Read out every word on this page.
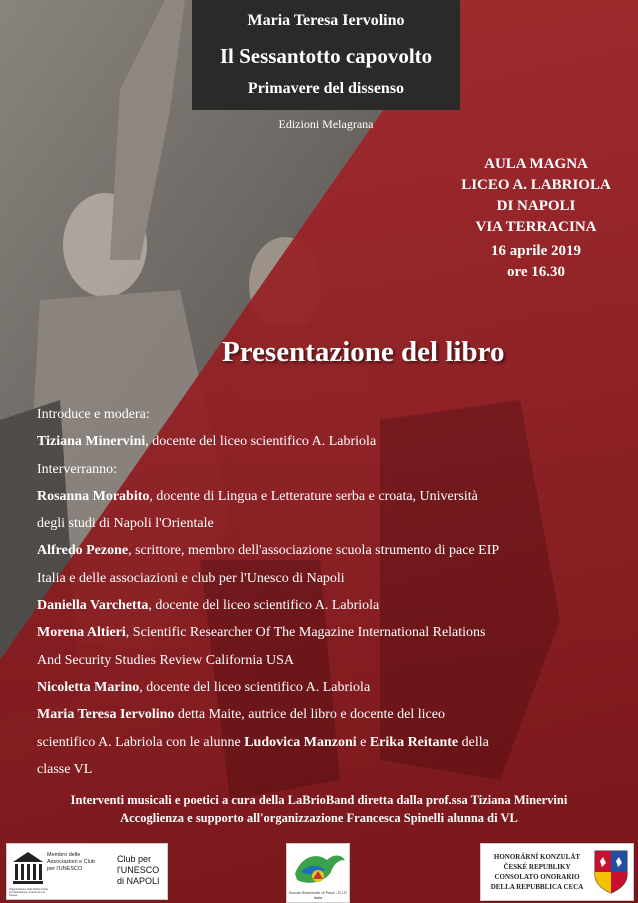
Maria Teresa Iervolino
Il Sessantotto capovolto
Primavere del dissenso
Edizioni Melagrana
AULA MAGNA
LICEO A. LABRIOLA
DI NAPOLI
VIA TERRACINA
16 aprile 2019
ore 16.30
Presentazione del libro
Introduce e modera:
Tiziana Minervini, docente del liceo scientifico A. Labriola
Interverranno:
Rosanna Morabito, docente di Lingua e Letterature serba e croata, Università
degli studi di Napoli l'Orientale
Alfredo Pezone, scrittore, membro dell'associazione scuola strumento di pace EIP
Italia e delle associazioni e club per l'Unesco di Napoli
Daniella Varchetta, docente del liceo scientifico A. Labriola
Morena Altieri, Scientific Researcher Of The Magazine International Relations
And Security Studies Review California USA
Nicoletta Marino, docente del liceo scientifico A. Labriola
Maria Teresa Iervolino detta Maite, autrice del libro e docente del liceo
scientifico A. Labriola con le alunne Ludovica Manzoni e Erika Reitante della
classe VL
Interventi musicali e poetici a cura della LaBrioBand diretta dalla prof.ssa Tiziana Minervini
Accoglienza e supporto all'organizzazione Francesca Spinelli alunna di VL
Membro delle Associazioni e Club per l'UNESCO
Club per l'UNESCO di NAPOLI
Organizzazione delle Nazioni Unite per l'Educazione, la Scienza e la Cultura
Scuola Strumento di Pace - E.I.P. Italia
HONORÁRNÍ KONZULÁT
ČESKÉ REPUBLIKY
CONSOLATO ONORARIO
DELLA REPUBBLICA CECA
